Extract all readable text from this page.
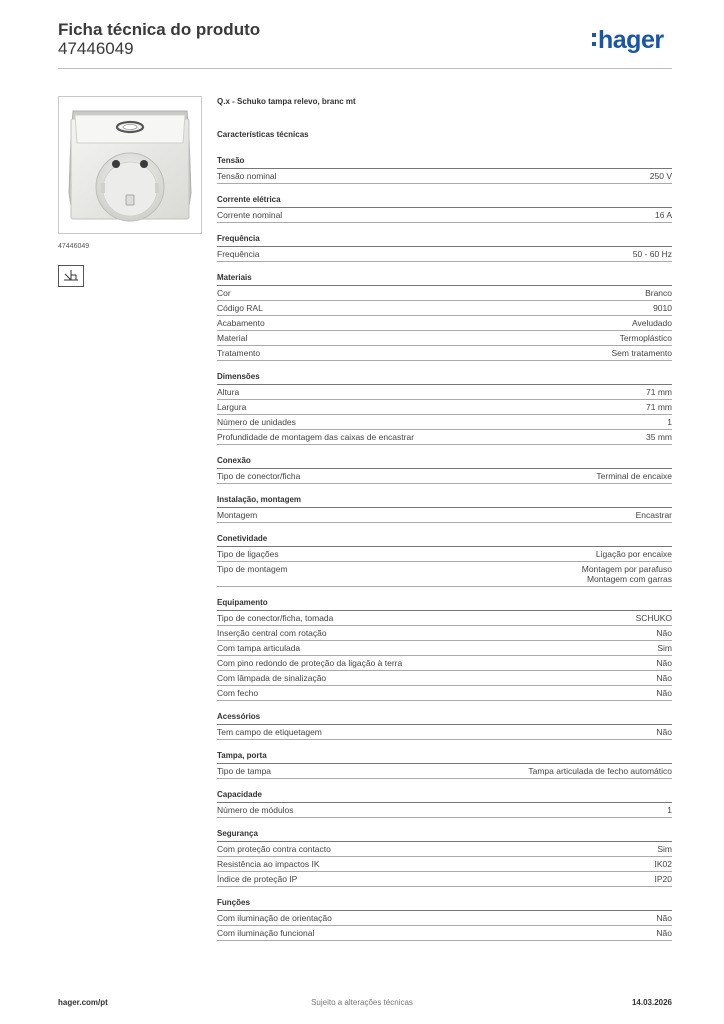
Ficha técnica do produto
47446049	hager
47446049
Q.x - Schuko tampa relevo, branc mt
Características técnicas
Tensão
Tensão nominal	250 V
Corrente elétrica
Corrente nominal	16 A
Frequência
Frequência	50 - 60 Hz
Materiais
Cor	Branco
Código RAL	9010
Acabamento	Aveludado
Material	Termoplástico
Tratamento	Sem tratamento
Dimensões
Altura	71 mm
Largura	71 mm
Número de unidades	1
Profundidade de montagem das caixas de encastrar	35 mm
Conexão
Tipo de conector/ficha	Terminal de encaixe
Instalação, montagem
Montagem	Encastrar
Conetividade
Tipo de ligações	Ligação por encaixe
Tipo de montagem	Montagem por parafuso
Montagem com garras
Equipamento
Tipo de conector/ficha, tomada	SCHUKO
Inserção central com rotação	Não
Com tampa articulada	Sim
Com pino redondo de proteção da ligação à terra	Não
Com lâmpada de sinalização	Não
Com fecho	Não
Acessórios
Tem campo de etiquetagem	Não
Tampa, porta
Tipo de tampa	Tampa articulada de fecho automático
Capacidade
Número de módulos	1
Segurança
Com proteção contra contacto	Sim
Resistência ao impactos IK	IK02
Índice de proteção IP	IP20
Funções
Com iluminação de orientação	Não
Com iluminação funcional	Não
hager.com/pt	Sujeito a alterações técnicas	14.03.2026
